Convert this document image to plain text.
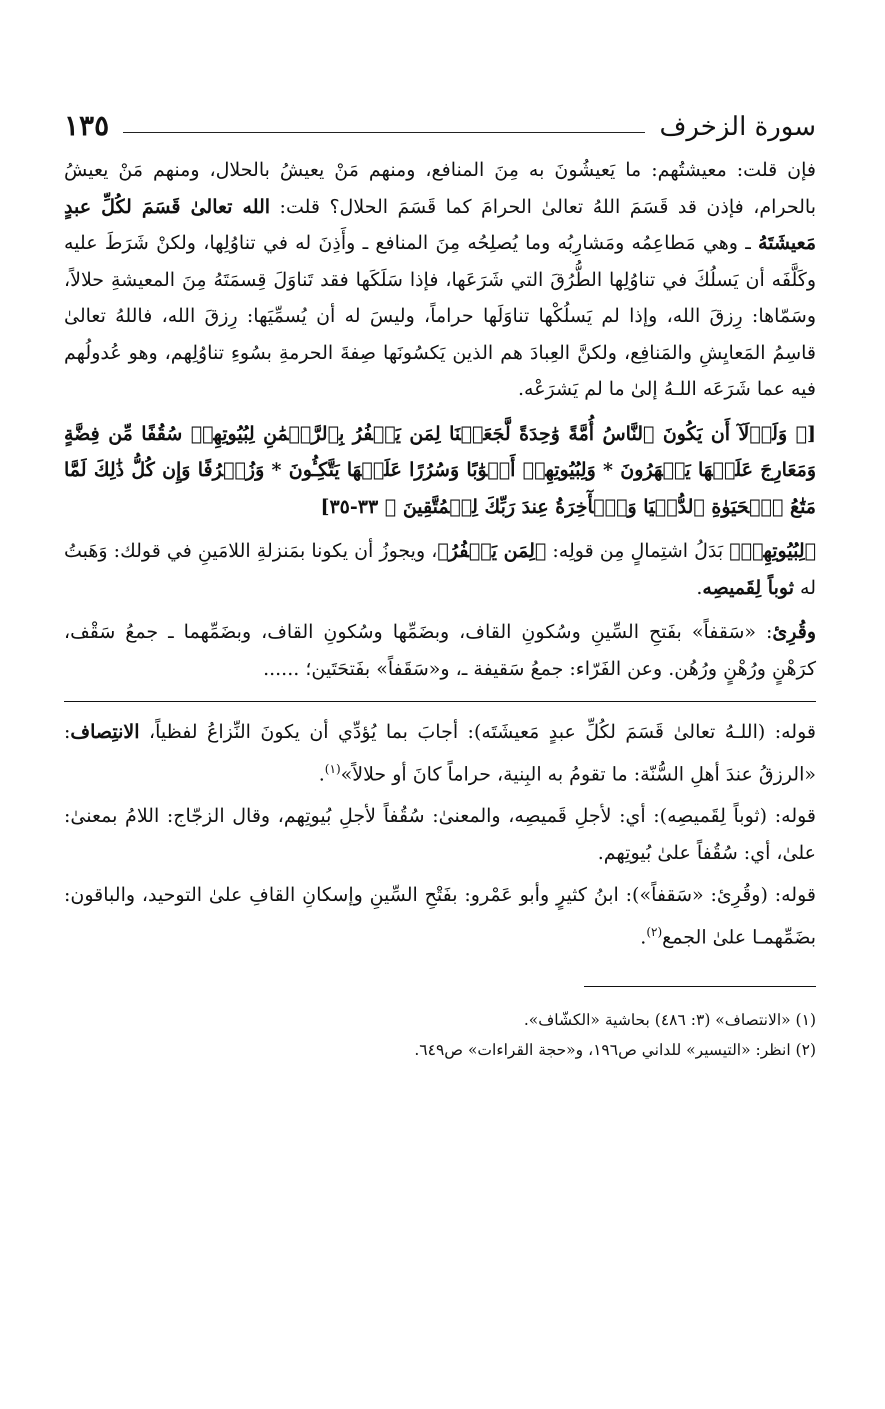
سورة الزخرف
١٣٥

فإن قلت: معيشتُهم: ما يَعيشُونَ به مِنَ المنافع، ومنهم مَنْ يعيشُ بالحلال، ومنهم مَنْ يعيشُ بالحرام، فإذن قد قَسَمَ اللهُ تعالىٰ الحرامَ كما قَسَمَ الحلال؟ قلت: الله تعالىٰ قَسَمَ لكُلِّ عبدٍ مَعيشَتَهُ ـ وهي مَطاعِمُه ومَشارِبُه وما يُصلِحُه مِنَ المنافع ـ وأَذِنَ له في تناوُلِها، ولكنْ شَرَطَ عليه وكَلَّفَه أن يَسلُكَ في تناوُلِها الطُّرُقَ التي شَرَعَها، فإذا سَلَكَها فقد تَناوَلَ قِسمَتَهُ مِنَ المعيشةِ حلالاً، وسَمّاها: رِزقَ الله، وإذا لم يَسلُكْها تناوَلَها حراماً، وليسَ له أن يُسمِّيَها: رِزقَ الله، فاللهُ تعالىٰ قاسِمُ المَعايِشِ والمَنافِع، ولكنَّ العِبادَ هم الذين يَكسُونَها صِفةَ الحرمةِ بسُوءِ تناوُلِهم، وهو عُدولُهم فيه عما شَرَعَه اللـهُ إلىٰ ما لم يَشرَعْه.

[﴿ وَلَوۡلَآ أَن يَكُونَ ٱلنَّاسُ أُمَّةً وَٰحِدَةً لَّجَعَلۡنَا لِمَن يَكۡفُرُ بِٱلرَّحۡمَٰنِ لِبُيُوتِهِمۡ سُقُفًا مِّن فِضَّةٍ وَمَعَارِجَ عَلَيۡهَا يَظۡهَرُونَ * وَلِبُيُوتِهِمۡ أَبۡوَٰبًا وَسُرُرًا عَلَيۡهَا يَتَّكِـُٔونَ * وَزُخۡرُفًا وَإِن كُلُّ ذَٰلِكَ لَمَّا مَتَٰعُ ٱلۡحَيَوٰةِ ٱلدُّنۡيَا وَٱلۡأٓخِرَةُ عِندَ رَبِّكَ لِلۡمُتَّقِينَ ﴾ ٣٣-٣٥]

﴿لِبُيُوتِهِمۡ﴾ بَدَلُ اشتِمالٍ مِن قولِه: ﴿لِمَن يَكۡفُرُ﴾، ويجوزُ أن يكونا بمَنزلةِ اللامَينِ في قولك: وَهَبتُ له ثوباً لِقَميصِه.

وقُرِئ: «سَقفاً» بفَتحِ السِّينِ وسُكونِ القاف، وبضَمِّها وسُكونِ القاف، وبضَمِّهما ـ جمعُ سَقْف، كرَهْنٍ ورُهْنٍ ورُهُن. وعن الفَرّاء: جمعُ سَقيفة ـ، و«سَقَفاً» بفَتحَتَين؛ ......

قوله: (اللـهُ تعالىٰ قَسَمَ لكُلِّ عبدٍ مَعيشَتَه): أجابَ بما يُؤدِّي أن يكونَ النِّزاعُ لفظياً، الانتِصاف: «الرزقُ عندَ أهلِ السُّنّة: ما تقومُ به البِنية، حراماً كانَ أو حلالاً»$^{(١)}$.

قوله: (ثوباً لِقَميصِه): أي: لأجلِ قَميصِه، والمعنىٰ: سُقُفاً لأجلِ بُيوتِهم، وقال الزجّاج: اللامُ بمعنىٰ: علىٰ، أي: سُقُفاً علىٰ بُيوتِهم.

قوله: (وقُرِئ: «سَقفاً»): ابنُ كثيرٍ وأبو عَمْرو: بفَتْحِ السِّينِ وإسكانِ القافِ علىٰ التوحيد، والباقون: بضَمِّهمـا علىٰ الجمع$^{(٢)}$.

(١) «الانتصاف» (٣: ٤٨٦) بحاشية «الكشّاف».

(٢) انظر: «التيسير» للداني ص١٩٦، و«حجة القراءات» ص٦٤٩.
